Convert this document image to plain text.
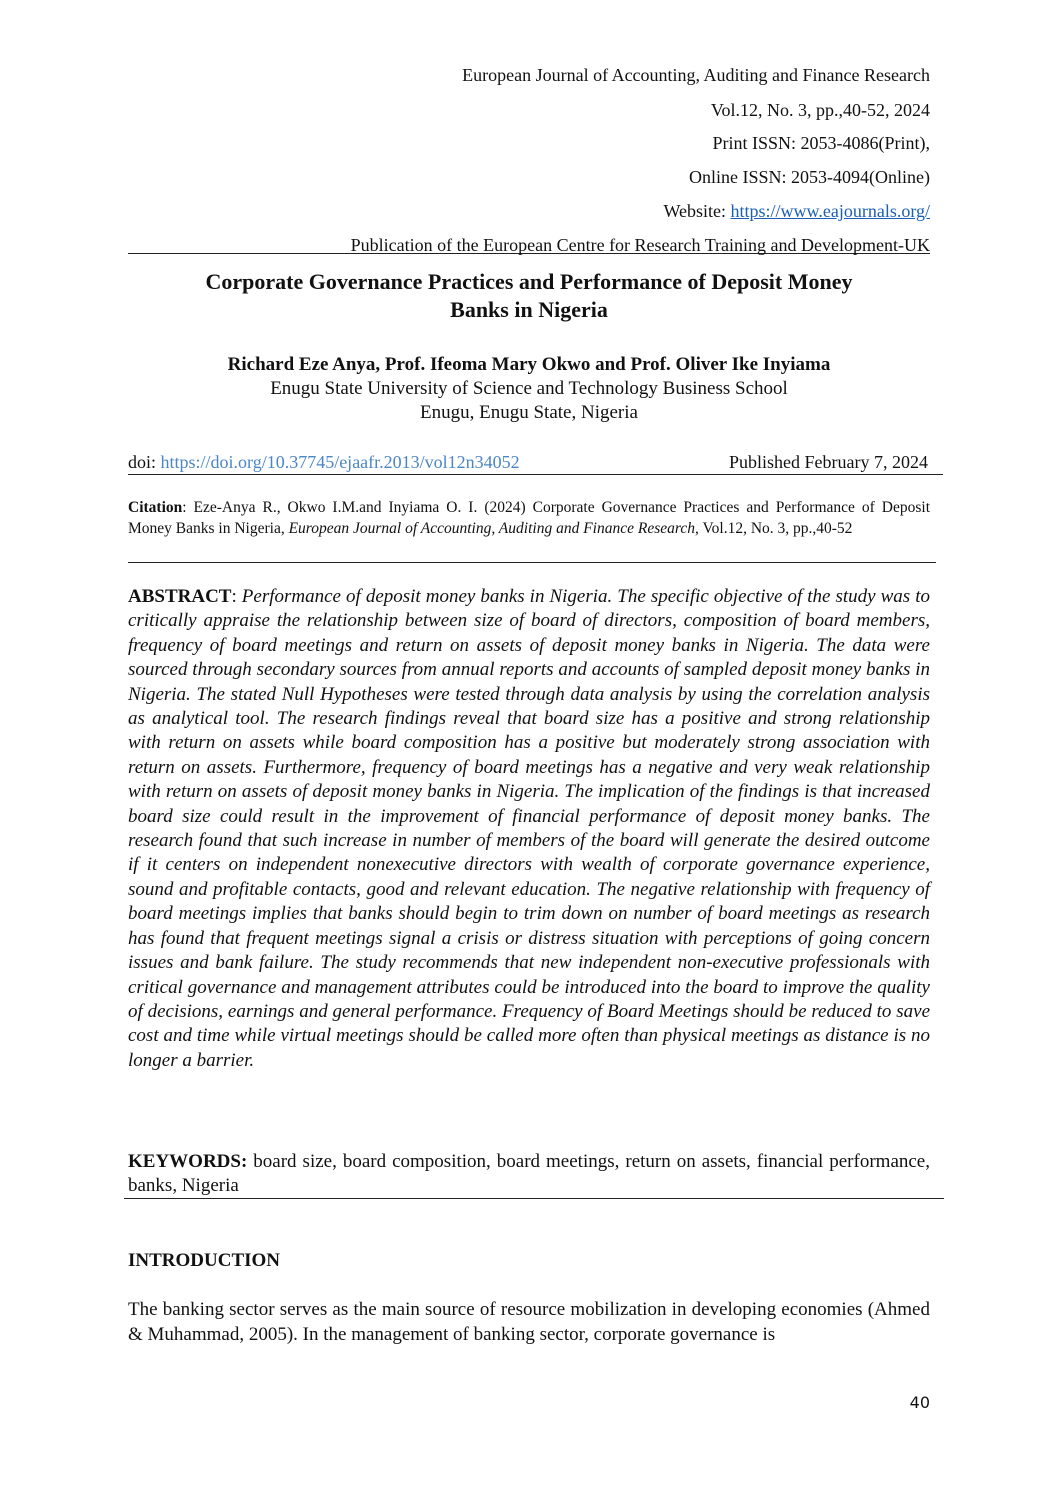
European Journal of Accounting, Auditing and Finance Research
Vol.12, No. 3, pp.,40-52, 2024
Print ISSN: 2053-4086(Print),
Online ISSN: 2053-4094(Online)
Website: https://www.eajournals.org/
Publication of the European Centre for Research Training and Development-UK
Corporate Governance Practices and Performance of Deposit Money
Banks in Nigeria
Richard Eze Anya, Prof. Ifeoma Mary Okwo and Prof. Oliver Ike Inyiama
Enugu State University of Science and Technology Business School
Enugu, Enugu State, Nigeria
doi: https://doi.org/10.37745/ejaafr.2013/vol12n34052	Published February 7, 2024
Citation: Eze-Anya R., Okwo I.M.and Inyiama O. I. (2024) Corporate Governance Practices and Performance of Deposit Money Banks in Nigeria, European Journal of Accounting, Auditing and Finance Research, Vol.12, No. 3, pp.,40-52
ABSTRACT: Performance of deposit money banks in Nigeria. The specific objective of the study was to critically appraise the relationship between size of board of directors, composition of board members, frequency of board meetings and return on assets of deposit money banks in Nigeria. The data were sourced through secondary sources from annual reports and accounts of sampled deposit money banks in Nigeria. The stated Null Hypotheses were tested through data analysis by using the correlation analysis as analytical tool. The research findings reveal that board size has a positive and strong relationship with return on assets while board composition has a positive but moderately strong association with return on assets. Furthermore, frequency of board meetings has a negative and very weak relationship with return on assets of deposit money banks in Nigeria. The implication of the findings is that increased board size could result in the improvement of financial performance of deposit money banks. The research found that such increase in number of members of the board will generate the desired outcome if it centers on independent nonexecutive directors with wealth of corporate governance experience, sound and profitable contacts, good and relevant education. The negative relationship with frequency of board meetings implies that banks should begin to trim down on number of board meetings as research has found that frequent meetings signal a crisis or distress situation with perceptions of going concern issues and bank failure. The study recommends that new independent non-executive professionals with critical governance and management attributes could be introduced into the board to improve the quality of decisions, earnings and general performance. Frequency of Board Meetings should be reduced to save cost and time while virtual meetings should be called more often than physical meetings as distance is no longer a barrier.
KEYWORDS: board size, board composition, board meetings, return on assets, financial performance, banks, Nigeria
INTRODUCTION
The banking sector serves as the main source of resource mobilization in developing economies (Ahmed & Muhammad, 2005). In the management of banking sector, corporate governance is
40
